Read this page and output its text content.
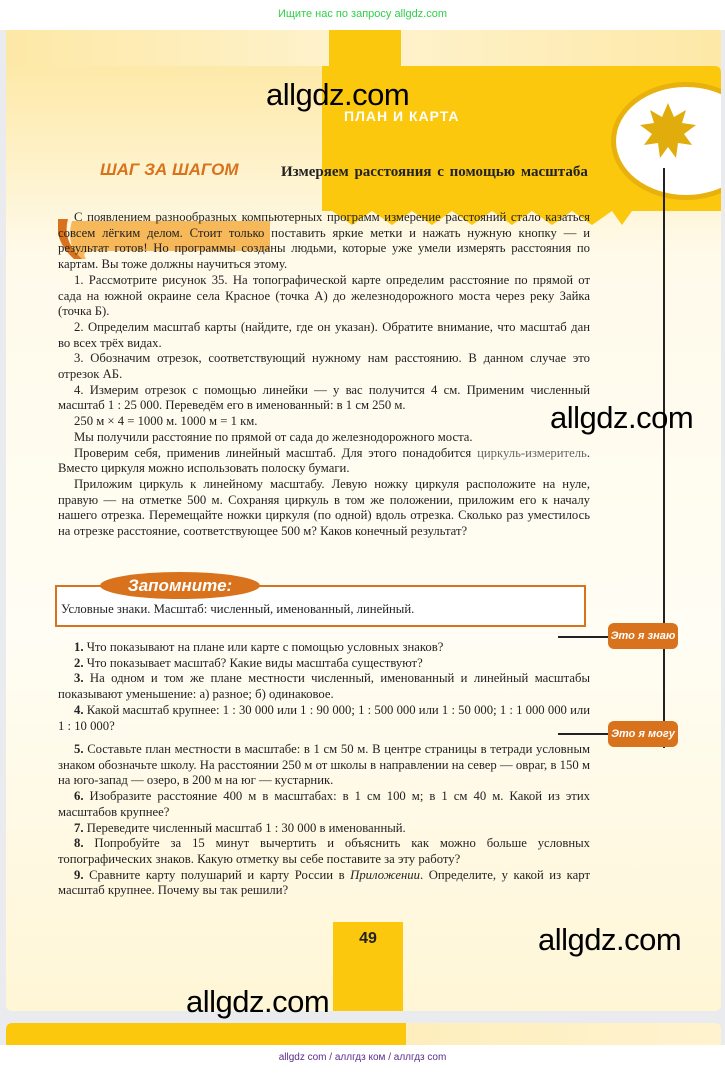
Ищите нас по запросу allgdz.com
ПЛАН И КАРТА
ШАГ ЗА ШАГОМ	Измеряем расстояния с помощью масштаба

С появлением разнообразных компьютерных программ измерение расстояний стало казаться совсем лёгким делом. Стоит только поставить яркие метки и нажать нужную кнопку — и результат готов! Но программы созданы людьми, которые уже умели измерять расстояния по картам. Вы тоже должны научиться этому.

1. Рассмотрите рисунок 35. На топографической карте определим расстояние по прямой от сада на южной окраине села Красное (точка А) до железнодорожного моста через реку Зайка (точка Б).

2. Определим масштаб карты (найдите, где он указан). Обратите внимание, что масштаб дан во всех трёх видах.

3. Обозначим отрезок, соответствующий нужному нам расстоянию. В данном случае это отрезок АБ.

4. Измерим отрезок с помощью линейки — у вас получится 4 см. Применим численный масштаб 1 : 25 000. Переведём его в именованный: в 1 см 250 м.

250 м × 4 = 1000 м. 1000 м = 1 км.

Мы получили расстояние по прямой от сада до железнодорожного моста.

Проверим себя, применив линейный масштаб. Для этого понадобится циркуль-измеритель. Вместо циркуля можно использовать полоску бумаги.

Приложим циркуль к линейному масштабу. Левую ножку циркуля расположите на нуле, правую — на отметке 500 м. Сохраняя циркуль в том же положении, приложим его к началу нашего отрезка. Перемещайте ножки циркуля (по одной) вдоль отрезка. Сколько раз уместилось на отрезке расстояние, соответствующее 500 м? Каков конечный результат?

Условные знаки. Масштаб: численный, именованный, линейный.
Запомните:
Это я знаю
Это я могу

1. Что показывают на плане или карте с помощью условных знаков?

2. Что показывает масштаб? Какие виды масштаба существуют?

3. На одном и том же плане местности численный, именованный и линейный масштабы показывают уменьшение: а) разное; б) одинаковое.

4. Какой масштаб крупнее: 1 : 30 000 или 1 : 90 000; 1 : 500 000 или 1 : 50 000; 1 : 1 000 000 или 1 : 10 000?

5. Составьте план местности в масштабе: в 1 см 50 м. В центре страницы в тетради условным знаком обозначьте школу. На расстоянии 250 м от школы в направлении на север — овраг, в 150 м на юго-запад — озеро, в 200 м на юг — кустарник.

6. Изобразите расстояние 400 м в масштабах: в 1 см 100 м; в 1 см 40 м. Какой из этих масштабов крупнее?

7. Переведите численный масштаб 1 : 30 000 в именованный.

8. Попробуйте за 15 минут вычертить и объяснить как можно больше условных топографических знаков. Какую отметку вы себе поставите за эту работу?

9. Сравните карту полушарий и карту России в Приложении. Определите, у какой из карт масштаб крупнее. Почему вы так решили?

49
allgdz.com
allgdz.com
allgdz.com
allgdz.com
allgdz com / аллгдз ком / аллгдз com
